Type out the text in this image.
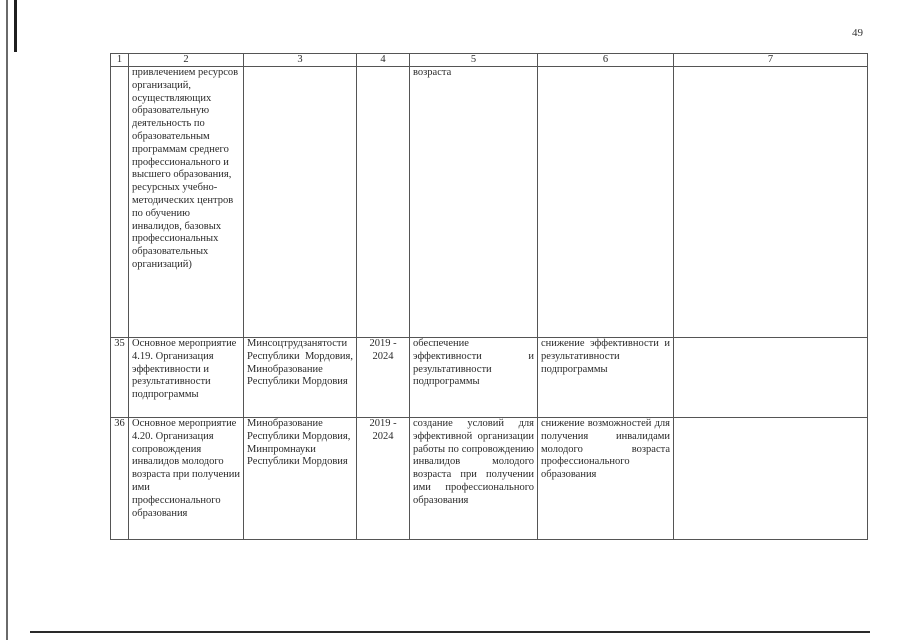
49
1	2	3	4	5	6	7
	привлечением ресурсов организаций, осуществляющих образовательную деятельность по образовательным программам среднего профессионального и высшего образования, ресурсных учебно-методических центров по обучению инвалидов, базовых профессиональных образовательных организаций)			возраста		
35	Основное мероприятие 4.19. Организация эффективности и результативности подпрограммы	Минсоцтрудзанятости Республики Мордовия, Минобразование Республики Мордовия	2019 - 2024	обеспечение эффективности и результативности подпрограммы	снижение эффективности и результативности подпрограммы	
36	Основное мероприятие 4.20. Организация сопровождения инвалидов молодого возраста при получении ими профессионального образования	Минобразование Республики Мордовия, Минпромнауки Республики Мордовия	2019 - 2024	создание условий для эффективной организации работы по сопровождению инвалидов молодого возраста при получении ими профессионального образования	снижение возможностей для получения инвалидами молодого возраста профессионального образования	
